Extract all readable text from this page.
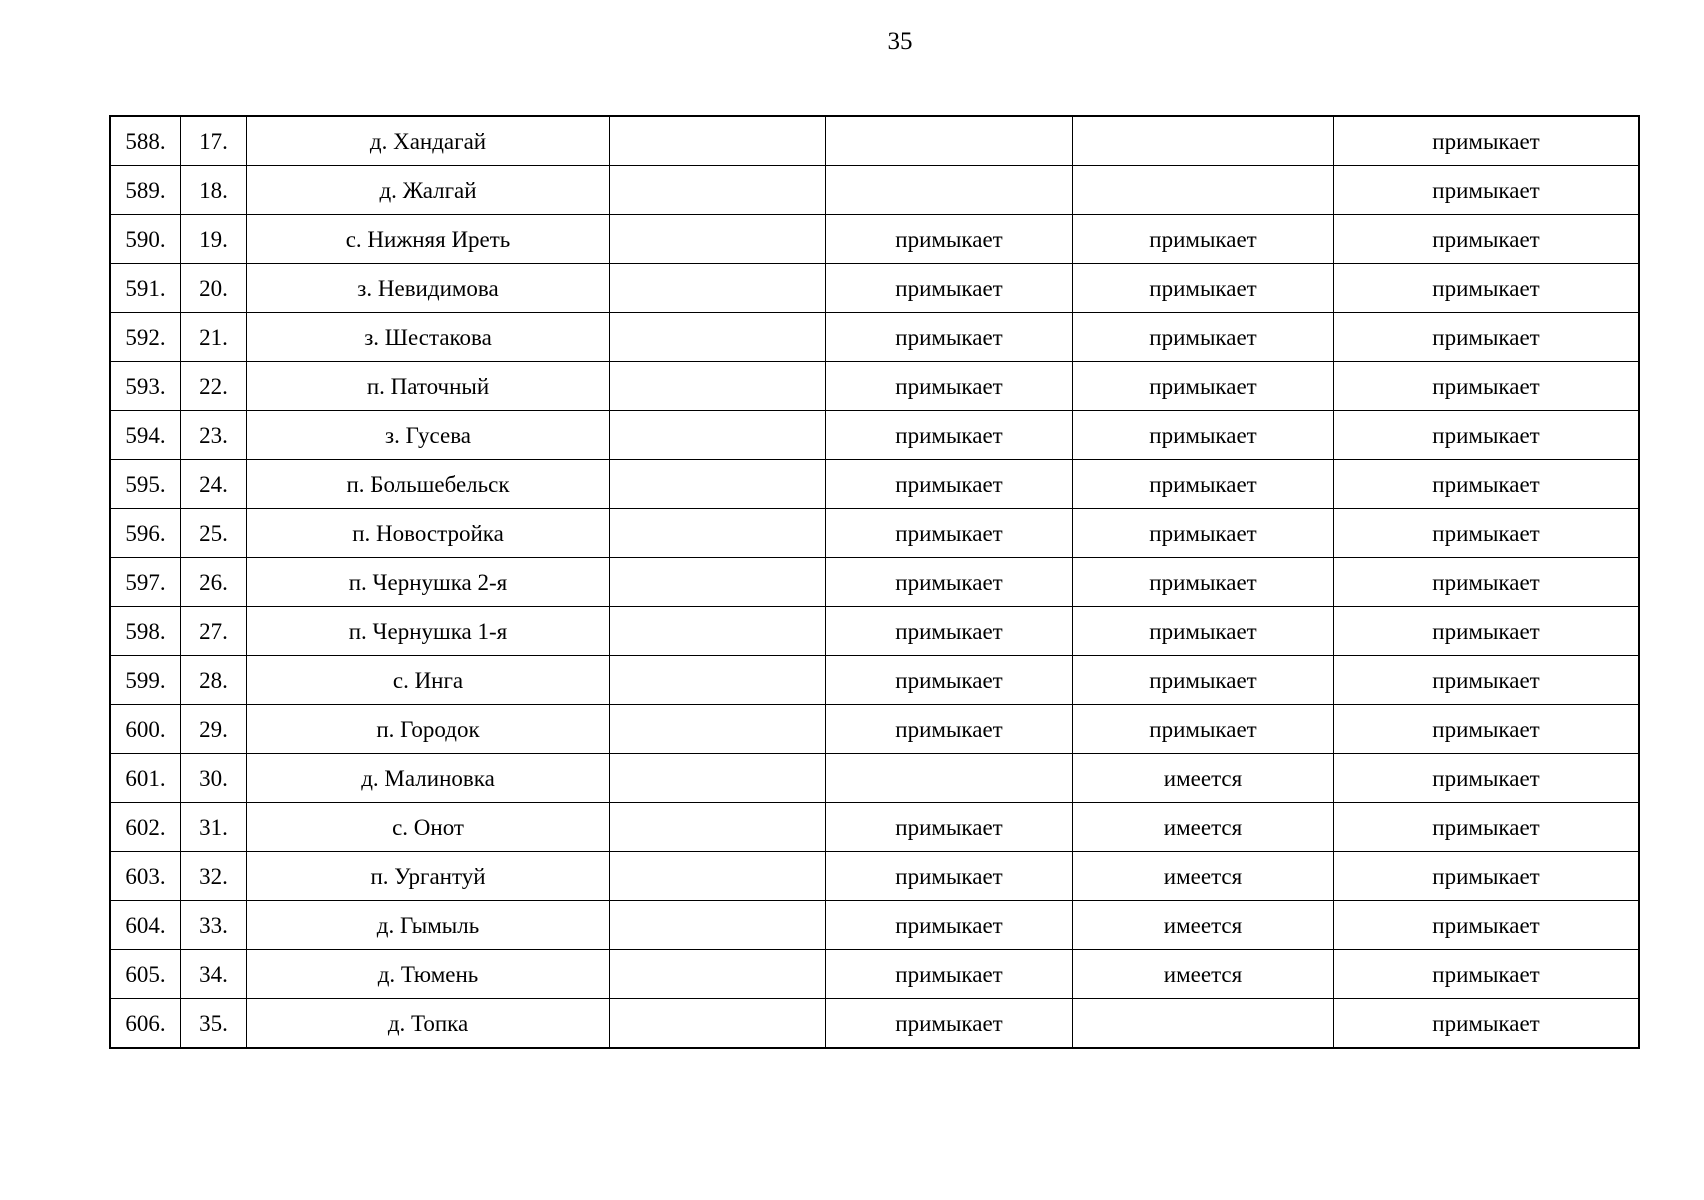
35
588.	17.	д. Хандагай				примыкает
589.	18.	д. Жалгай				примыкает
590.	19.	с. Нижняя Иреть		примыкает	примыкает	примыкает
591.	20.	з. Невидимова		примыкает	примыкает	примыкает
592.	21.	з. Шестакова		примыкает	примыкает	примыкает
593.	22.	п. Паточный		примыкает	примыкает	примыкает
594.	23.	з. Гусева		примыкает	примыкает	примыкает
595.	24.	п. Большебельск		примыкает	примыкает	примыкает
596.	25.	п. Новостройка		примыкает	примыкает	примыкает
597.	26.	п. Чернушка 2-я		примыкает	примыкает	примыкает
598.	27.	п. Чернушка 1-я		примыкает	примыкает	примыкает
599.	28.	с. Инга		примыкает	примыкает	примыкает
600.	29.	п. Городок		примыкает	примыкает	примыкает
601.	30.	д. Малиновка			имеется	примыкает
602.	31.	с. Онот		примыкает	имеется	примыкает
603.	32.	п. Ургантуй		примыкает	имеется	примыкает
604.	33.	д. Гымыль		примыкает	имеется	примыкает
605.	34.	д. Тюмень		примыкает	имеется	примыкает
606.	35.	д. Топка		примыкает		примыкает
